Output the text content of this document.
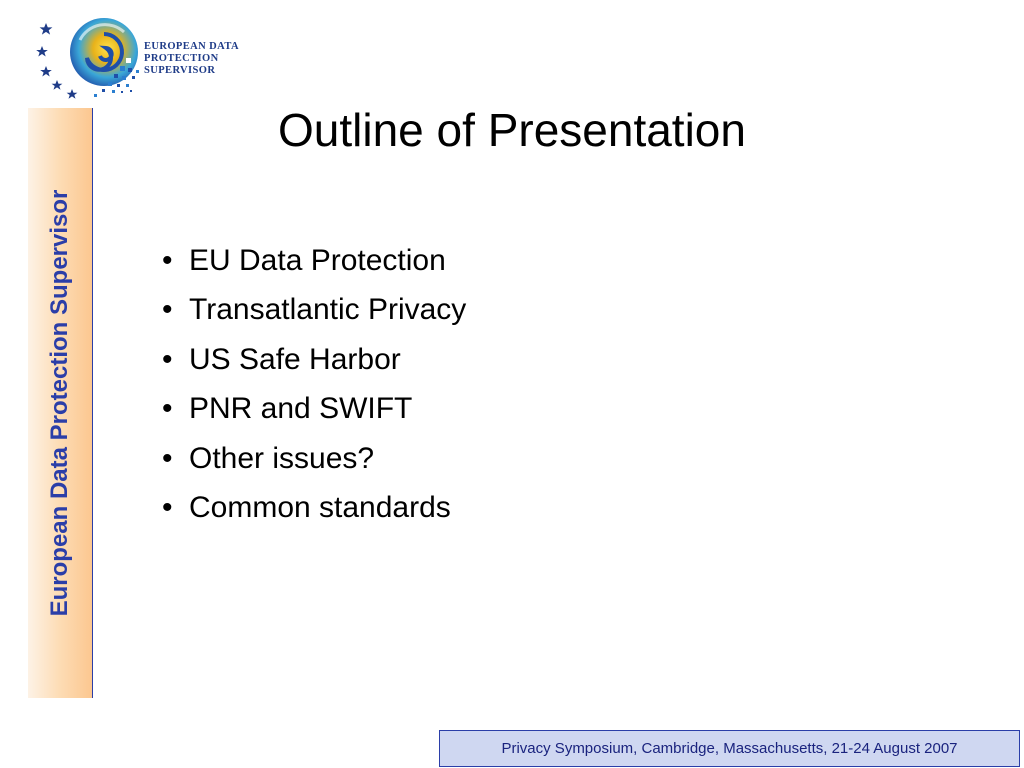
EUROPEAN DATA PROTECTION SUPERVISOR
European Data Protection Supervisor
Outline of Presentation
• EU Data Protection
• Transatlantic Privacy
• US Safe Harbor
• PNR and SWIFT
• Other issues?
• Common standards
Privacy Symposium, Cambridge, Massachusetts, 21-24 August 2007
